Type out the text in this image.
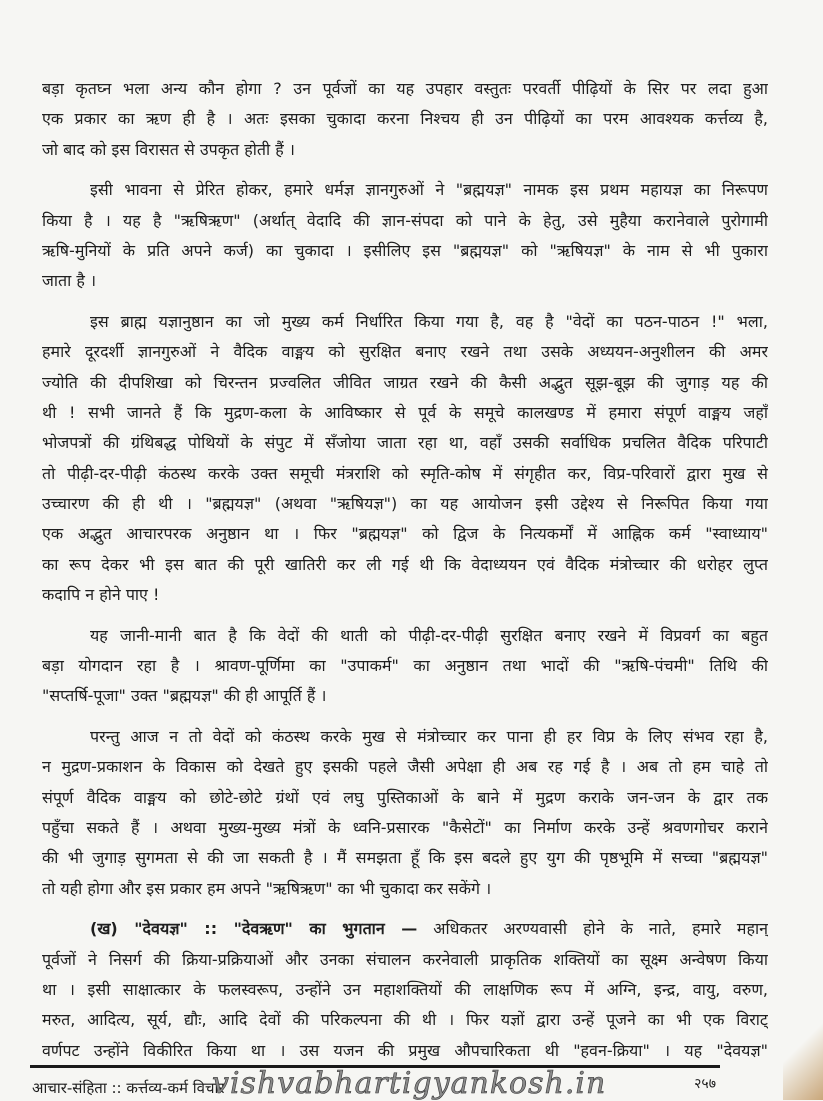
बड़ा कृतघ्न भला अन्य कौन होगा ? उन पूर्वजों का यह उपहार वस्तुतः परवर्ती पीढ़ियों के सिर पर लदा हुआ
एक प्रकार का ऋण ही है । अतः इसका चुकादा करना निश्चय ही उन पीढ़ियों का परम आवश्यक कर्त्तव्य है,
जो बाद को इस विरासत से उपकृत होती हैं ।
इसी भावना से प्रेरित होकर, हमारे धर्मज्ञ ज्ञानगुरुओं ने "ब्रह्मयज्ञ" नामक इस प्रथम महायज्ञ का निरूपण
किया है । यह है "ऋषिऋण" (अर्थात् वेदादि की ज्ञान-संपदा को पाने के हेतु, उसे मुहैया करानेवाले पुरोगामी
ऋषि-मुनियों के प्रति अपने कर्ज) का चुकादा । इसीलिए इस "ब्रह्मयज्ञ" को "ऋषियज्ञ" के नाम से भी पुकारा
जाता है ।
इस ब्राह्म यज्ञानुष्ठान का जो मुख्य कर्म निर्धारित किया गया है, वह है "वेदों का पठन-पाठन !" भला,
हमारे दूरदर्शी ज्ञानगुरुओं ने वैदिक वाङ्मय को सुरक्षित बनाए रखने तथा उसके अध्ययन-अनुशीलन की अमर
ज्योति की दीपशिखा को चिरन्तन प्रज्वलित जीवित जाग्रत रखने की कैसी अद्भुत सूझ-बूझ की जुगाड़ यह की
थी ! सभी जानते हैं कि मुद्रण-कला के आविष्कार से पूर्व के समूचे कालखण्ड में हमारा संपूर्ण वाङ्मय जहाँ
भोजपत्रों की ग्रंथिबद्ध पोथियों के संपुट में सँजोया जाता रहा था, वहाँ उसकी सर्वाधिक प्रचलित वैदिक परिपाटी
तो पीढ़ी-दर-पीढ़ी कंठस्थ करके उक्त समूची मंत्रराशि को स्मृति-कोष में संगृहीत कर, विप्र-परिवारों द्वारा मुख से
उच्चारण की ही थी । "ब्रह्मयज्ञ" (अथवा "ऋषियज्ञ") का यह आयोजन इसी उद्देश्य से निरूपित किया गया
एक अद्भुत आचारपरक अनुष्ठान था । फिर "ब्रह्मयज्ञ" को द्विज के नित्यकर्मों में आह्निक कर्म "स्वाध्याय"
का रूप देकर भी इस बात की पूरी खातिरी कर ली गई थी कि वेदाध्ययन एवं वैदिक मंत्रोच्चार की धरोहर लुप्त
कदापि न होने पाए !
यह जानी-मानी बात है कि वेदों की थाती को पीढ़ी-दर-पीढ़ी सुरक्षित बनाए रखने में विप्रवर्ग का बहुत
बड़ा योगदान रहा है । श्रावण-पूर्णिमा का "उपाकर्म" का अनुष्ठान तथा भादों की "ऋषि-पंचमी" तिथि की
"सप्तर्षि-पूजा" उक्त "ब्रह्मयज्ञ" की ही आपूर्ति हैं ।
परन्तु आज न तो वेदों को कंठस्थ करके मुख से मंत्रोच्चार कर पाना ही हर विप्र के लिए संभव रहा है,
न मुद्रण-प्रकाशन के विकास को देखते हुए इसकी पहले जैसी अपेक्षा ही अब रह गई है । अब तो हम चाहे तो
संपूर्ण वैदिक वाङ्मय को छोटे-छोटे ग्रंथों एवं लघु पुस्तिकाओं के बाने में मुद्रण कराके जन-जन के द्वार तक
पहुँचा सकते हैं । अथवा मुख्य-मुख्य मंत्रों के ध्वनि-प्रसारक "कैसेटों" का निर्माण करके उन्हें श्रवणगोचर कराने
की भी जुगाड़ सुगमता से की जा सकती है । मैं समझता हूँ कि इस बदले हुए युग की पृष्ठभूमि में सच्चा "ब्रह्मयज्ञ"
तो यही होगा और इस प्रकार हम अपने "ऋषिऋण" का भी चुकादा कर सकेंगे ।
(ख) "देवयज्ञ" :: "देवऋण" का भुगतान — अधिकतर अरण्यवासी होने के नाते, हमारे महान्
पूर्वजों ने निसर्ग की क्रिया-प्रक्रियाओं और उनका संचालन करनेवाली प्राकृतिक शक्तियों का सूक्ष्म अन्वेषण किया
था । इसी साक्षात्कार के फलस्वरूप, उन्होंने उन महाशक्तियों की लाक्षणिक रूप में अग्नि, इन्द्र, वायु, वरुण,
मरुत, आदित्य, सूर्य, द्यौः, आदि देवों की परिकल्पना की थी । फिर यज्ञों द्वारा उन्हें पूजने का भी एक विराट्
वर्णपट उन्होंने विकीरित किया था । उस यजन की प्रमुख औपचारिकता थी "हवन-क्रिया" । यह "देवयज्ञ"
आचार-संहिता :: कर्त्तव्य-कर्म विचार
vishvabhartigyankosh.in	२५७
